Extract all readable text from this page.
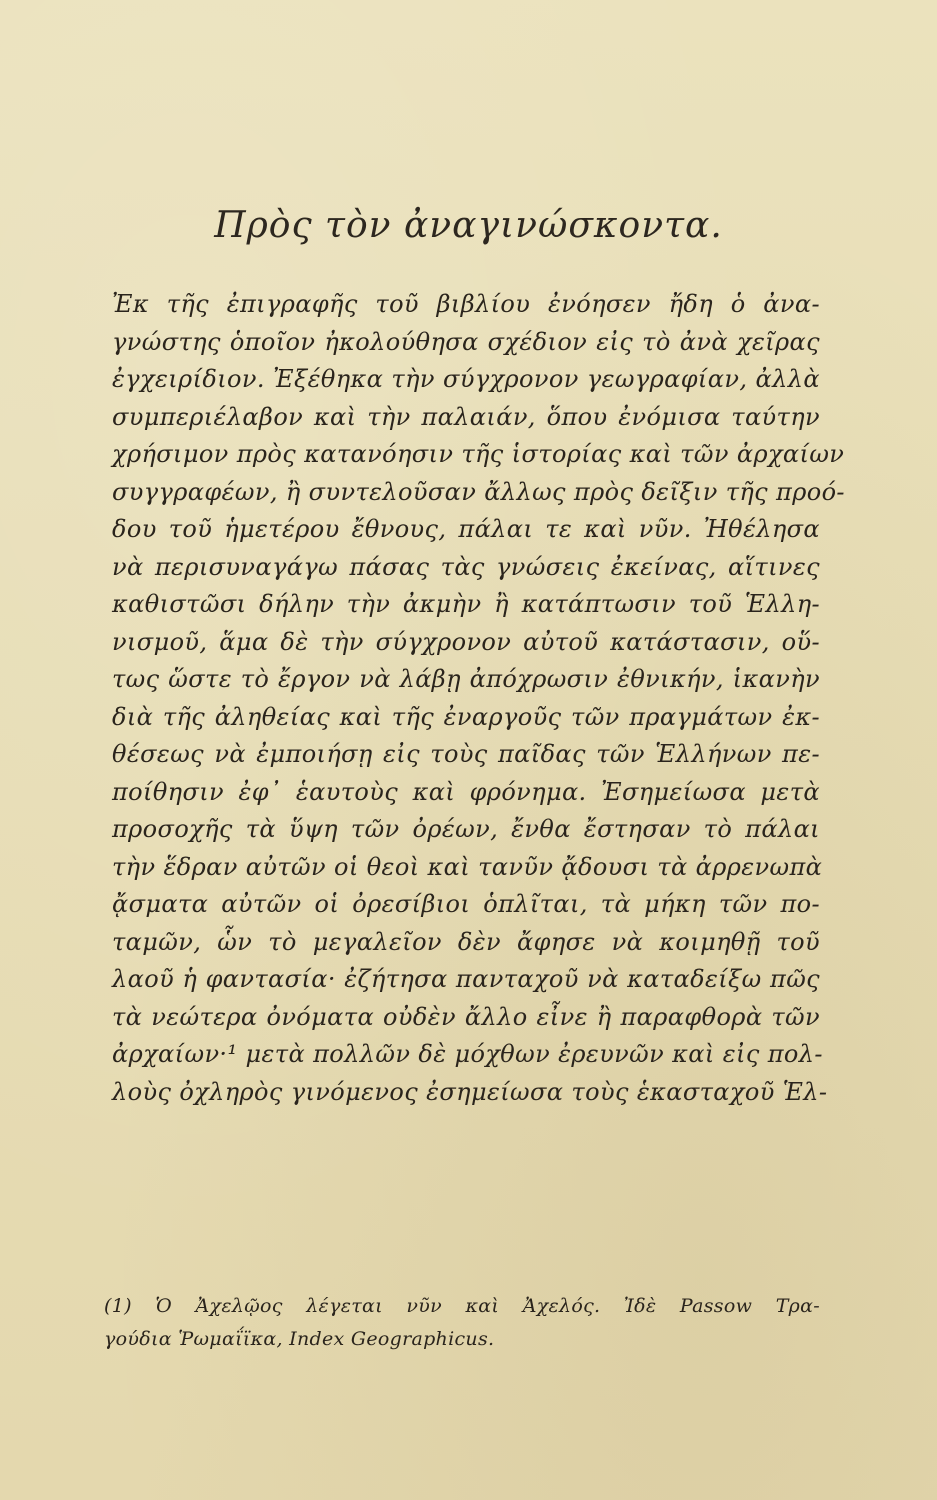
Πρὸς τὸν ἀναγινώσκοντα.
Ἐκ τῆς ἐπιγραφῆς τοῦ βιβλίου ἐνόησεν ἤδη ὁ ἀνα-
γνώστης ὁποῖον ἠκολούθησα σχέδιον εἰς τὸ ἀνὰ χεῖρας
ἐγχειρίδιον. Ἐξέθηκα τὴν σύγχρονον γεωγραφίαν, ἀλλὰ
συμπεριέλαβον καὶ τὴν παλαιάν, ὅπου ἐνόμισα ταύτην
χρήσιμον πρὸς κατανόησιν τῆς ἱστορίας καὶ τῶν ἀρχαίων
συγγραφέων, ἢ συντελοῦσαν ἄλλως πρὸς δεῖξιν τῆς προό-
δου τοῦ ἡμετέρου ἔθνους, πάλαι τε καὶ νῦν. Ἠθέλησα
νὰ περισυναγάγω πάσας τὰς γνώσεις ἐκείνας, αἵτινες
καθιστῶσι δήλην τὴν ἀκμὴν ἢ κατάπτωσιν τοῦ Ἑλλη-
νισμοῦ, ἅμα δὲ τὴν σύγχρονον αὐτοῦ κατάστασιν, οὕ-
τως ὥστε τὸ ἔργον νὰ λάβῃ ἀπόχρωσιν ἐθνικήν, ἱκανὴν
διὰ τῆς ἀληθείας καὶ τῆς ἐναργοῦς τῶν πραγμάτων ἐκ-
θέσεως νὰ ἐμποιήσῃ εἰς τοὺς παῖδας τῶν Ἑλλήνων πε-
ποίθησιν ἐφ᾽ ἑαυτοὺς καὶ φρόνημα. Ἐσημείωσα μετὰ
προσοχῆς τὰ ὕψη τῶν ὀρέων, ἔνθα ἔστησαν τὸ πάλαι
τὴν ἕδραν αὐτῶν οἱ θεοὶ καὶ τανῦν ᾄδουσι τὰ ἀρρενωπὰ
ᾄσματα αὐτῶν οἱ ὀρεσίβιοι ὁπλῖται, τὰ μήκη τῶν πο-
ταμῶν, ὧν τὸ μεγαλεῖον δὲν ἄφησε νὰ κοιμηθῇ τοῦ
λαοῦ ἡ φαντασία· ἐζήτησα πανταχοῦ νὰ καταδείξω πῶς
τὰ νεώτερα ὀνόματα οὐδὲν ἄλλο εἶνε ἢ παραφθορὰ τῶν
ἀρχαίων·¹ μετὰ πολλῶν δὲ μόχθων ἐρευνῶν καὶ εἰς πολ-
λοὺς ὀχληρὸς γινόμενος ἐσημείωσα τοὺς ἑκασταχοῦ Ἑλ-
(1) Ὁ Ἀχελῷος λέγεται νῦν καὶ Ἀχελός. Ἰδὲ Passow Τρα-
γούδια Ῥωμαΐϊκα, Index Geographicus.
